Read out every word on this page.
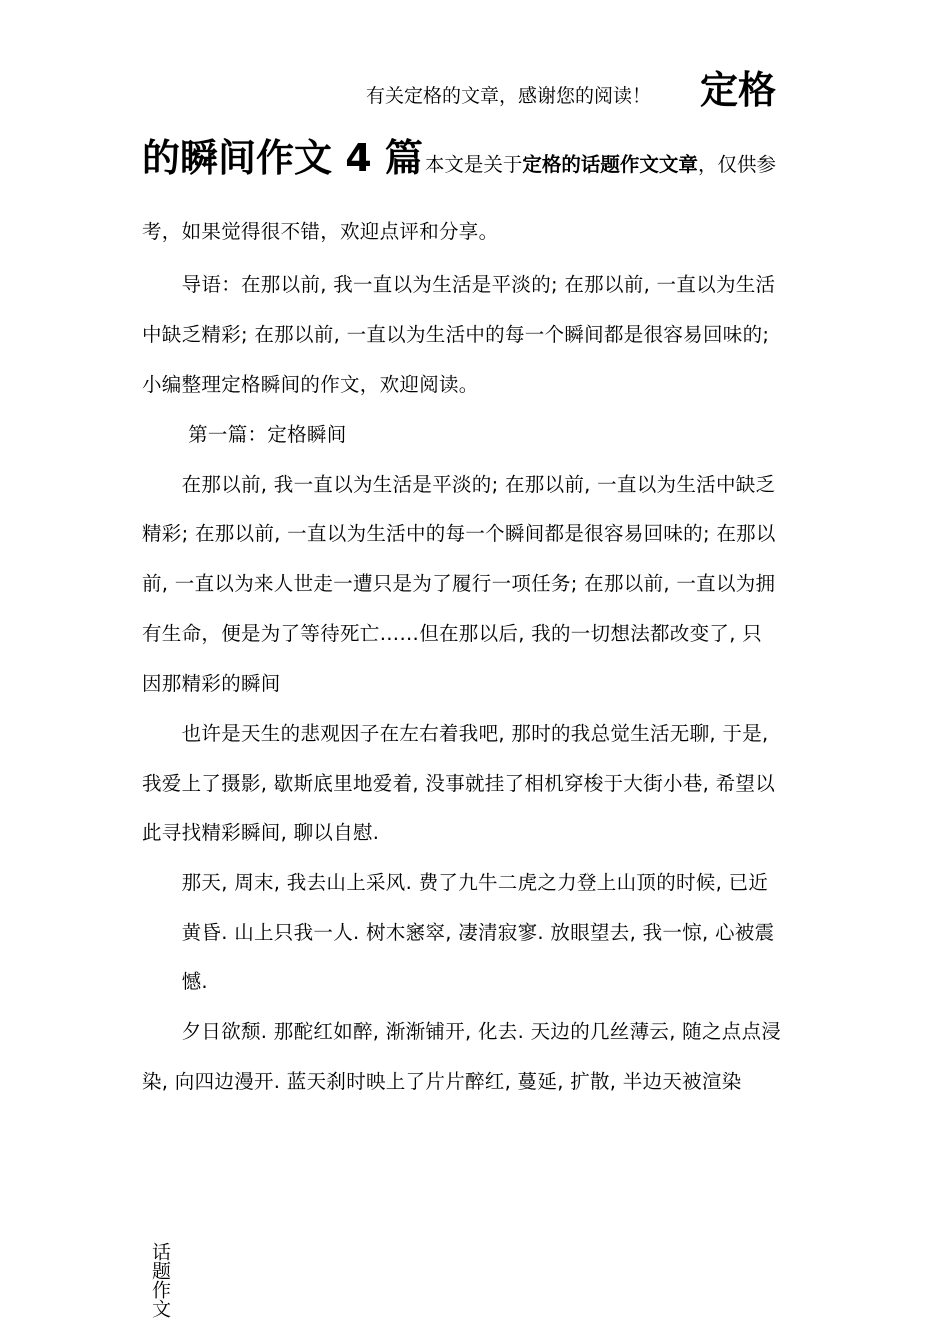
有关定格的文章，感谢您的阅读！ 定格
的瞬间作文 4 篇 本文是关于定格的话题作文文章，仅供参
考，如果觉得很不错，欢迎点评和分享。
　　导语：在那以前, 我一直以为生活是平淡的; 在那以前, 一直以为生活
中缺乏精彩; 在那以前, 一直以为生活中的每一个瞬间都是很容易回味的;
小编整理定格瞬间的作文，欢迎阅读。
　　 第一篇：定格瞬间
　　在那以前, 我一直以为生活是平淡的; 在那以前, 一直以为生活中缺乏
精彩; 在那以前, 一直以为生活中的每一个瞬间都是很容易回味的; 在那以
前, 一直以为来人世走一遭只是为了履行一项任务; 在那以前, 一直以为拥
有生命，便是为了等待死亡……但在那以后, 我的一切想法都改变了, 只
因那精彩的瞬间
　　也许是天生的悲观因子在左右着我吧, 那时的我总觉生活无聊, 于是,
我爱上了摄影, 歇斯底里地爱着, 没事就挂了相机穿梭于大街小巷, 希望以
此寻找精彩瞬间, 聊以自慰.
　　那天, 周末, 我去山上采风. 费了九牛二虎之力登上山顶的时候, 已近
　　黄昏. 山上只我一人. 树木窸窣, 凄清寂寥. 放眼望去, 我一惊, 心被震
　　憾.
　　夕日欲颓. 那酡红如醉, 渐渐铺开, 化去. 天边的几丝薄云, 随之点点浸
染, 向四边漫开. 蓝天刹时映上了片片醉红, 蔓延, 扩散, 半边天被渲染
话题作文
